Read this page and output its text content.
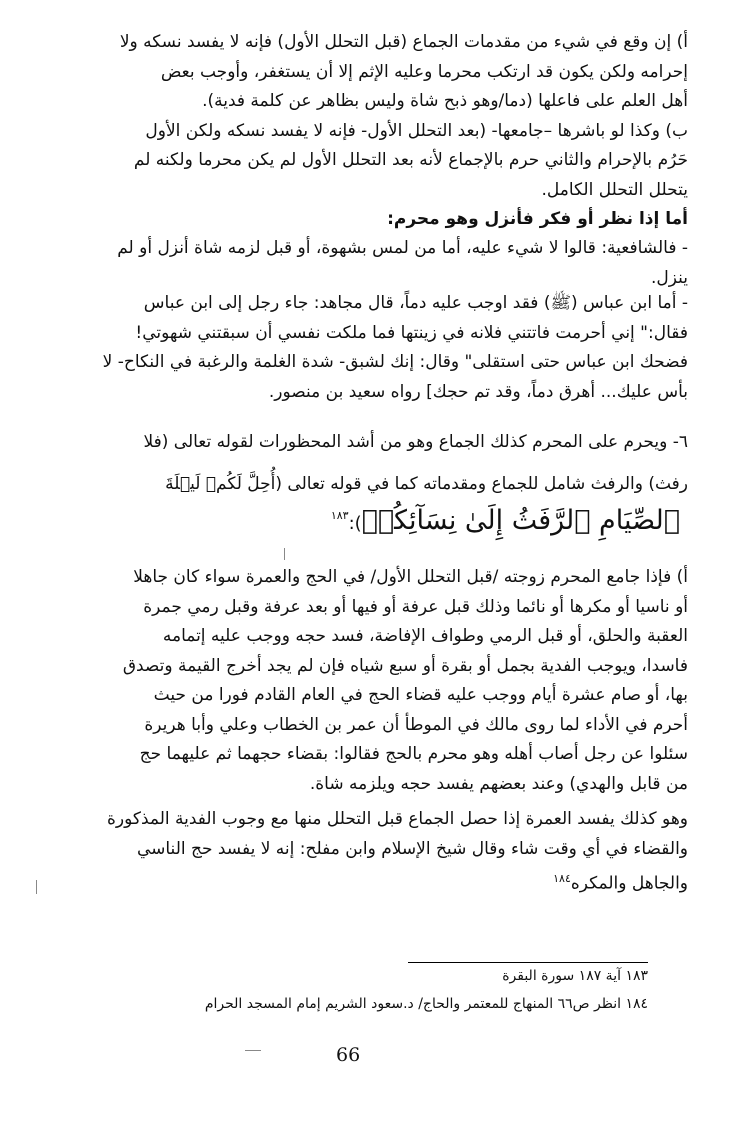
أ) إن وقع في شيء من مقدمات الجماع (قبل التحلل الأول) فإنه لا يفسد نسكه ولا
إحرامه ولكن يكون قد ارتكب محرما وعليه الإثم إلا أن يستغفر، وأوجب بعض
أهل العلم على فاعلها (دما/وهو ذبح شاة وليس بظاهر عن كلمة فدية).
ب) وكذا لو باشرها –جامعها- (بعد التحلل الأول- فإنه لا يفسد نسكه ولكن الأول
حَرُم بالإحرام والثاني حرم بالإجماع لأنه بعد التحلل الأول لم يكن محرما ولكنه لم
يتحلل التحلل الكامل.
أما إذا نظر أو فكر فأنزل وهو محرم:
- فالشافعية: قالوا لا شيء عليه، أما من لمس بشهوة، أو قبل لزمه شاة أنزل أو لم
ينزل.
- أما ابن عباس (ﷺ) فقد اوجب عليه دماً، قال مجاهد: جاء رجل إلى ابن عباس
فقال:" إني أحرمت فاتتني فلانه في زينتها فما ملكت نفسي أن سبقتني شهوتي!
فضحك ابن عباس حتى استقلى" وقال: إنك لشبق- شدة الغلمة والرغبة في النكاح- لا
بأس عليك... أهرق دماً، وقد تم حجك] رواه سعيد بن منصور.
٦- ويحرم على المحرم كذلك الجماع وهو من أشد المحظورات لقوله تعالى (فلا
رفث) والرفث شامل للجماع ومقدماته كما في قوله تعالى (أُحِلَّ لَكُمۡ لَيۡلَةَ
ٱلصِّيَامِ ٱلرَّفَثُ إِلَىٰ نِسَآئِكُمۡ):$^{١٨٣}$
أ) فإذا جامع المحرم زوجته /قبل التحلل الأول/ في الحج والعمرة سواء كان جاهلا
أو ناسيا أو مكرها أو نائما وذلك قبل عرفة أو فيها أو بعد عرفة وقبل رمي جمرة
العقبة والحلق، أو قبل الرمي وطواف الإفاضة، فسد حجه ووجب عليه إتمامه
فاسدا، ويوجب الفدية بجمل أو بقرة أو سبع شياه فإن لم يجد أخرج القيمة وتصدق
بها، أو صام عشرة أيام ووجب عليه قضاء الحج في العام القادم فورا من حيث
أحرم في الأداء لما روى مالك في الموطأ أن عمر بن الخطاب وعلي وأبا هريرة
سئلوا عن رجل أصاب أهله وهو محرم بالحج فقالوا: بقضاء حجهما ثم عليهما حج
من قابل والهدي) وعند بعضهم يفسد حجه ويلزمه شاة.
وهو كذلك يفسد العمرة إذا حصل الجماع قبل التحلل منها مع وجوب الفدية المذكورة
والقضاء في أي وقت شاء وقال شيخ الإسلام وابن مفلح: إنه لا يفسد حج الناسي
والجاهل والمكره$^{١٨٤}$
١٨٣ آية ١٨٧ سورة البقرة
١٨٤ انظر ص٦٦ المنهاج للمعتمر والحاج/ د.سعود الشريم إمام المسجد الحرام
66
